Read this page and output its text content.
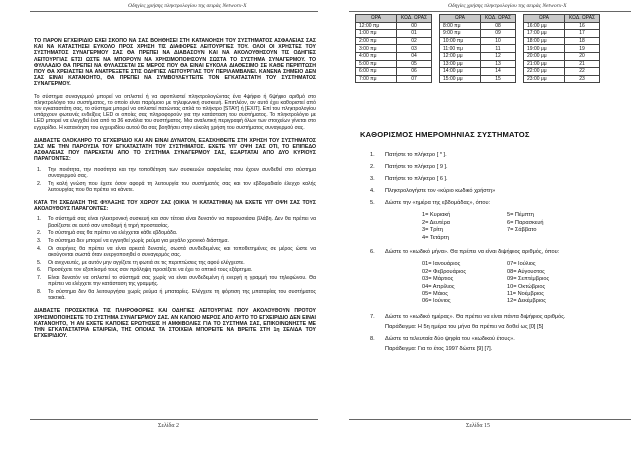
Οδηγίες χρήσης πληκτρολογίου της σειράς Networx-X

ΤΟ ΠΑΡΟΝ ΕΓΧΕΙΡΙΔΙΟ ΕΧΕΙ ΣΚΟΠΟ ΝΑ ΣΑΣ ΒΟΗΘΗΣΕΙ ΣΤΗ ΚΑΤΑΝΟΗΣΗ ΤΟΥ ΣΥΣΤΗΜΑΤΟΣ ΑΣΦΑΛΕΙΑΣ ΣΑΣ ΚΑΙ ΝΑ ΚΑΤΑΣΤΗΣΕΙ ΕΥΚΟΛΟ ΠΡΟΣ ΧΡΗΣΗ ΤΙΣ ΔΙΑΦΟΡΕΣ ΛΕΙΤΟΥΡΓΙΕΣ ΤΟΥ. ΟΛΟΙ ΟΙ ΧΡΗΣΤΕΣ ΤΟΥ ΣΥΣΤΗΜΑΤΟΣ ΣΥΝΑΓΕΡΜΟΥ ΣΑΣ ΘΑ ΠΡΕΠΕΙ ΝΑ ΔΙΑΒΑΣΟΥΝ ΚΑΙ ΝΑ ΑΚΟΛΟΥΘΗΣΟΥΝ ΤΙΣ ΟΔΗΓΙΕΣ ΛΕΙΤΟΥΡΓΙΑΣ ΕΤΣΙ ΩΣΤΕ ΝΑ ΜΠΟΡΟΥΝ ΝΑ ΧΡΗΣΙΜΟΠΟΙΗΣΟΥΝ ΣΩΣΤΑ ΤΟ ΣΥΣΤΗΜΑ ΣΥΝΑΓΕΡΜΟΥ. ΤΟ ΦΥΛΛΑΔΙΟ ΘΑ ΠΡΕΠΕΙ ΝΑ ΦΥΛΑΣΣΕΤΑΙ ΣΕ ΜΕΡΟΣ ΠΟΥ ΘΑ ΕΙΝΑΙ ΕΥΚΟΛΑ ΔΙΑΘΕΣΙΜΟ ΣΕ ΚΑΘΕ ΠΕΡΙΠΤΩΣΗ ΠΟΥ ΘΑ ΧΡΕΙΑΣΤΕΙ ΝΑ ΑΝΑΤΡΕΞΕΤΕ ΣΤΙΣ ΟΔΗΓΙΕΣ ΛΕΙΤΟΥΡΓΙΑΣ ΤΟΥ ΠΕΡΙΛΑΜΒΑΝΕΙ. ΚΑΝΕΝΑ ΣΗΜΕΙΟ ΔΕΝ ΣΑΣ ΕΙΝΑΙ ΚΑΤΑΝΟΗΤΟ, ΘΑ ΠΡΕΠΕΙ ΝΑ ΣΥΜΒΟΥΛΕΥΤΕΙΤΕ ΤΟΝ ΕΓΚΑΤΑΣΤΑΤΗ ΤΟΥ ΣΥΣΤΗΜΑΤΟΣ ΣΥΝΑΓΕΡΜΟΥ.

Το σύστημα συναγερμού μπορεί να οπλιστεί ή να αφοπλιστεί πληκτρολογώντας ένα 4ψήφιο ή 6ψήφιο αριθμό στο πληκτρολόγιο του συστήματος, το οποίο είναι παρόμοιο με τηλεφωνική συσκευή. Επιπλέον, αν αυτό έχει καθοριστεί από τον εγκαταστάτη σας, το σύστημα μπορεί να οπλιστεί πατώντας απλά το πλήκτρο [STAY] ή [EXIT]. Επί του πληκτρολογίου υπάρχουν φωτεινές ενδείξεις LED οι οποίες σας πληροφορούν για την κατάσταση του συστήματος. Το πληκτρολόγιο με LED μπορεί να ελεγχθεί ένα από τα 36 κανάλια του συστήματος. Μια αναλυτική περιγραφή όλων των στοιχείων γίνεται στο εγχειρίδιο. Η κατανόηση του εγχειριδίου αυτού θα σας βοηθήσει στην εύκολη χρήση του συστήματος συναγερμού σας.

ΔΙΑΒΑΣΤΕ ΟΛΟΚΛΗΡΟ ΤΟ ΕΓΧΕΙΡΙΔΙΟ ΚΑΙ ΑΝ ΕΙΝΑΙ ΔΥΝΑΤΟΝ, ΕΞΑΣΚΗΘΕΙΤΕ ΣΤΗ ΧΡΗΣΗ ΤΟΥ ΣΥΣΤΗΜΑΤΟΣ ΣΑΣ ΜΕ ΤΗΝ ΠΑΡΟΥΣΙΑ ΤΟΥ ΕΓΚΑΤΑΣΤΑΤΗ ΤΟΥ ΣΥΣΤΗΜΑΤΟΣ. ΕΧΕΤΕ ΥΠ' ΟΨΗ ΣΑΣ ΟΤΙ, ΤΟ ΕΠΙΠΕΔΟ ΑΣΦΑΛΕΙΑΣ ΠΟΥ ΠΑΡΕΧΕΤΑΙ ΑΠΟ ΤΟ ΣΥΣΤΗΜΑ ΣΥΝΑΓΕΡΜΟΥ ΣΑΣ, ΕΞΑΡΤΑΤΑΙ ΑΠΟ ΔΥΟ ΚΥΡΙΟΥΣ ΠΑΡΑΓΟΝΤΕΣ:

1.	Την ποιότητα, την ποσότητα και την τοποθέτηση των συσκευών ασφαλείας που έχουν συνδεθεί στο σύστημα συναγερμού σας.
2.	Τη καλή γνώση που έχετε όσον αφορά τη λειτουργία του συστήματός σας και τον εβδομαδιαίο έλεγχο καλής λειτουργίας που θα πρέπει να κάνετε.

ΚΑΤΑ ΤΗ ΣΧΕΔΙΑΣΗ ΤΗΣ ΦΥΛΑΞΗΣ ΤΟΥ ΧΩΡΟΥ ΣΑΣ (ΟΙΚΙΑ Ή ΚΑΤΑΣΤΗΜΑ) ΝΑ ΕΧΕΤΕ ΥΠ' ΟΨΗ ΣΑΣ ΤΟΥΣ ΑΚΟΛΟΥΘΟΥΣ ΠΑΡΑΓΟΝΤΕΣ:

1.	Το σύστημά σας είναι ηλεκτρονική συσκευή και σαν τέτοια είναι δυνατόν να παρουσιάσει βλάβη. Δεν θα πρέπει να βασίζεστε σε αυτό σαν υποδομή ή τηρή προστασίας.
2.	Το σύστημά σας θα πρέπει να ελέγχεται κάθε εβδομάδα.
3.	Το σύστημα δεν μπορεί να εγγυηθεί χωρίς ρεύμα για μεγάλο χρονικό διάστημα.
4.	Οι σειρήνες θα πρέπει να είναι αρκετά δυνατές, σωστά συνδεδεμένες και τοποθετημένες σε μέρος ώστε να ακούγονται σωστά όταν ενεργοποιηθεί ο συναγερμός σας.
5.	Οι ανιχνευτές, με αυτόν μην αγγίζετε τη φωτιά σε τις περιπτώσεις της αφού ελέγχεστε.
6.	Προσέχετε τον εξοπλισμό τους σαν πρόληψη προσέξετε να έχει το οπτικό τους εξάρτημα.
7.	Είναι δυνατόν να οπλιστεί το σύστημά σας χωρίς να είναι συνδεδεμένη ή ενεργή η γραμμή του τηλεφώνου. Θα πρέπει να ελέγχετε την κατάσταση της γραμμής.
8.	Το σύστημα δεν θα λειτουργήσει χωρίς ρεύμα ή μπαταρίες. Ελέγχετε τη φόρτιση της μπαταρίας του συστήματος τακτικά.

ΔΙΑΒΑΣΤΕ ΠΡΟΣΕΚΤΙΚΑ ΤΙΣ ΠΛΗΡΟΦΟΡΙΕΣ ΚΑΙ ΟΔΗΓΙΕΣ ΛΕΙΤΟΥΡΓΙΑΣ ΠΟΥ ΑΚΟΛΟΥΘΟΥΝ ΠΡΟΤΟΥ ΧΡΗΣΙΜΟΠΟΙΗΣΕΤΕ ΤΟ ΣΥΣΤΗΜΑ ΣΥΝΑΓΕΡΜΟΥ ΣΑΣ. ΑΝ ΚΑΠΟΙΟ ΜΕΡΟΣ ΑΠΟ ΑΥΤΟ ΤΟ ΕΓΧΕΙΡΙΔΙΟ ΔΕΝ ΕΙΝΑΙ ΚΑΤΑΝΟΗΤΟ, Ή ΑΝ ΕΧΕΤΕ ΚΑΠΟΙΕΣ ΕΡΩΤΗΣΕΙΣ Η ΑΜΦΙΒΟΛΙΕΣ ΓΙΑ ΤΟ ΣΥΣΤΗΜΑ ΣΑΣ, ΕΠΙΚΟΙΝΩΝΗΣΤΕ ΜΕ ΤΗΝ ΕΓΚΑΤΑΣΤΑΤΡΙΑ ΕΤΑΙΡΕΙΑ, ΤΗΣ ΟΠΟΙΑΣ ΤΑ ΣΤΟΙΧΕΙΑ ΜΠΟΡΕΙΤΕ ΝΑ ΒΡΕΙΤΕ ΣΤΗ 1η ΣΕΛΙΔΑ ΤΟΥ ΕΓΧΕΙΡΙΔΙΟΥ.

Σελίδα 2
Οδηγίες χρήσης πληκτρολογίου της σειράς Networx-X
ΩΡΑ	ΚΩΔ. ΩΡΑΣ		ΩΡΑ	ΚΩΔ. ΩΡΑΣ		ΩΡΑ	ΚΩΔ. ΩΡΑΣ
12:00 πμ	00		8:00 πμ	08		16:00 μμ	16
1:00 πμ	01		9:00 πμ	09		17:00 μμ	17
2:00 πμ	02		10:00 πμ	10		18:00 μμ	18
3:00 πμ	03		11:00 πμ	11		19:00 μμ	19
4:00 πμ	04		12:00 μμ	12		20:00 μμ	20
5:00 πμ	05		13:00 μμ	13		21:00 μμ	21
6:00 πμ	06		14:00 μμ	14		22:00 μμ	22
7:00 πμ	07		15:00 μμ	15		23:00 μμ	23
ΚΑΘΟΡΙΣΜΟΣ ΗΜΕΡΟΜΗΝΙΑΣ ΣΥΣΤΗΜΑΤΟΣ
1.	Πατήστε το πλήκτρο [ * ].
2.	Πατήστε το πλήκτρο [ 9 ].
3.	Πατήστε το πλήκτρο [ 6 ].
4.	Πληκτρολογήστε τον «κύριο κωδικό χρήστη»
5.	Δώστε την «ημέρα της εβδομάδας», όπου:
1= Κυριακή	5= Πέμπτη
2= Δευτέρα	6= Παρασκευή
3= Τρίτη	7= Σάββατο
4= Τετάρτη
6.	Δώστε το «κωδικό μήνα». Θα πρέπει να είναι διψήφιος αριθμός, όπου:
01= Ιανουάριος	07= Ιούλιος
02= Φεβρουάριος	08= Αύγουστος
03= Μάρτιος	09= Σεπτέμβριος
04= Απρίλιος	10= Οκτώβριος
05= Μάιος	11= Νοέμβριος
06= Ιούνιος	12= Δεκέμβριος
7.	Δώστε το «κωδικό ημέρας». Θα πρέπει να είναι πάντα διψήφιος αριθμός.
Παράδειγμα: Η 5η ημέρα του μήνα θα πρέπει να δοθεί ως [0] [5]
8.	Δώστε τα τελευταία δύο ψηφία του «κωδικού έτους».
Παράδειγμα: Για το έτος 1997 δώστε [9] [7].
Σελίδα 15
